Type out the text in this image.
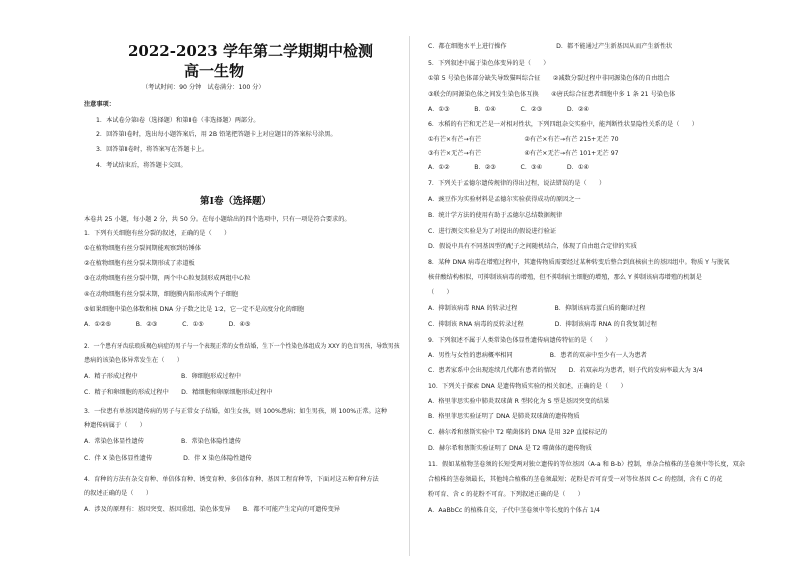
2022-2023 学年第二学期期中检测
高一生物
（考试时间：90 分钟　试卷满分：100 分）
注意事项：
1．本试卷分第Ⅰ卷（选择题）和第Ⅱ卷（非选择题）两部分。
2．回答第Ⅰ卷时，选出每小题答案后，用 2B 铅笔把答题卡上对应题目的答案标号涂黑。
3．回答第Ⅱ卷时，将答案写在答题卡上。
4．考试结束后，将答题卡交回。
第Ⅰ卷（选择题）
本卷共 25 小题，每小题 2 分，共 50 分。在每小题给出的四个选项中，只有一项是符合要求的。
1．下列有关细胞有丝分裂的叙述，正确的是（　　）
①在植物细胞有丝分裂间期能观察到纺锤体
②在植物细胞有丝分裂末期形成了赤道板
③在动物细胞有丝分裂中期，两个中心粒复制形成两组中心粒
④在动物细胞有丝分裂末期，细胞膜内陷形成两个子细胞
⑤如果细胞中染色体数和核 DNA 分子数之比是 1∶2，它一定不是高度分化的细胞
A．①②⑤　　　　B．②③　　　　C．①⑤　　　　D．④⑤
2．一个患有牙齿珐琅质褐色病症的男子与一个表现正常的女性结婚，生下一个性染色体组成为 XXY 的色盲男孩，导致男孩
患病的该染色体异常发生在（　　）
A．精子形成过程中　　　　　　　B．卵细胞形成过程中
C．精子和卵细胞的形成过程中　　D．精细胞和卵原细胞形成过程中
3．一位患有单基因遗传病的男子与正常女子结婚，如生女孩，则 100%患病；如生男孩，则 100%正常。这种
种遗传病属于（　　）
A．常染色体显性遗传　　　　　　B．常染色体隐性遗传
C．伴 X 染色体显性遗传　　　　　D．伴 X 染色体隐性遗传
4．育种的方法有杂交育种、单倍体育种、诱变育种、多倍体育种、基因工程育种等，下面对这五种育种方法
的叙述正确的是（　　）
A．涉及的原理有：基因突变、基因重组、染色体变异　　B．都不可能产生定向的可遗传变异
C．都在细胞水平上进行操作　　　　　　　　D．都不能通过产生新基因从而产生新性状
5．下列叙述中属于染色体变异的是（　　）
①第 5 号染色体部分缺失导致猫叫综合征　　②减数分裂过程中非同源染色体的自由组合
③联会的同源染色体之间发生染色体互换　　④唐氏综合征患者细胞中多 1 条 21 号染色体
A．①③　　　　B．①④　　　　C．②③　　　　D．②④
6．水稻的有芒和无芒是一对相对性状，下列四组杂交实验中，能判断性状显隐性关系的是（　　）
①有芒×有芒→有芒　　　　　　　②有芒×有芒→有芒 215+无芒 70
③有芒×无芒→有芒　　　　　　　④有芒×无芒→有芒 101+无芒 97
A．①②　　　　B．②③　　　　C．③④　　　　D．①④
7．下列关于孟德尔遗传规律的得出过程，说法错误的是（　　）
A．豌豆作为实验材料是孟德尔实验获得成功的原因之一
B．统计学方法的使用有助于孟德尔总结数据规律
C．进行测交实验是为了对提出的假说进行验证
D．假说中具有不同基因型的配子之间随机结合，体现了自由组合定律的实质
8．某种 DNA 病毒在增殖过程中，其遗传物质需要经过某种转变后整合到真核宿主的基因组中。物质 Y 与脱氧
核苷酸结构相似，可抑制该病毒的增殖，但不抑制宿主细胞的增殖，那么 Y 抑制该病毒增殖的机制是
（　　）
A．抑制该病毒 RNA 的转录过程　　　　　　B．抑制该病毒蛋白质的翻译过程
C．抑制该 RNA 病毒的反转录过程　　　　　D．抑制该病毒 RNA 的自我复制过程
9．下列叙述不属于人类常染色体显性遗传病遗传特征的是（　　）
A．男性与女性的患病概率相同　　　　　　B．患者的双亲中至少有一人为患者
C．患者家系中会出现连续几代都有患者的情况　　D．若双亲均为患者，则子代的发病率最大为 3/4
10．下列关于探索 DNA 是遗传物质实验的相关叙述，正确的是（　　）
A．格里菲思实验中肺炎双球菌 R 型转化为 S 型是基因突变的结果
B．格里菲思实验证明了 DNA 是肺炎双球菌的遗传物质
C．赫尔希和蔡斯实验中 T2 噬菌体的 DNA 是用 32P 直接标记的
D．赫尔希和蔡斯实验证明了 DNA 是 T2 噬菌体的遗传物质
11．假如某植物茎卷须的长短受两对独立遗传的等位基因（A-a 和 B-b）控制，单杂合植株的茎卷须中等长度，双杂
合植株的茎卷须最长，其他纯合植株的茎卷须最短；花粉是否可育受一对等位基因 C-c 的控制，含有 C 的花
粉可育、含 c 的花粉不可育。下列叙述正确的是（　　）
A．AaBbCc 的植株自交，子代中茎卷须中等长度的个体占 1/4
